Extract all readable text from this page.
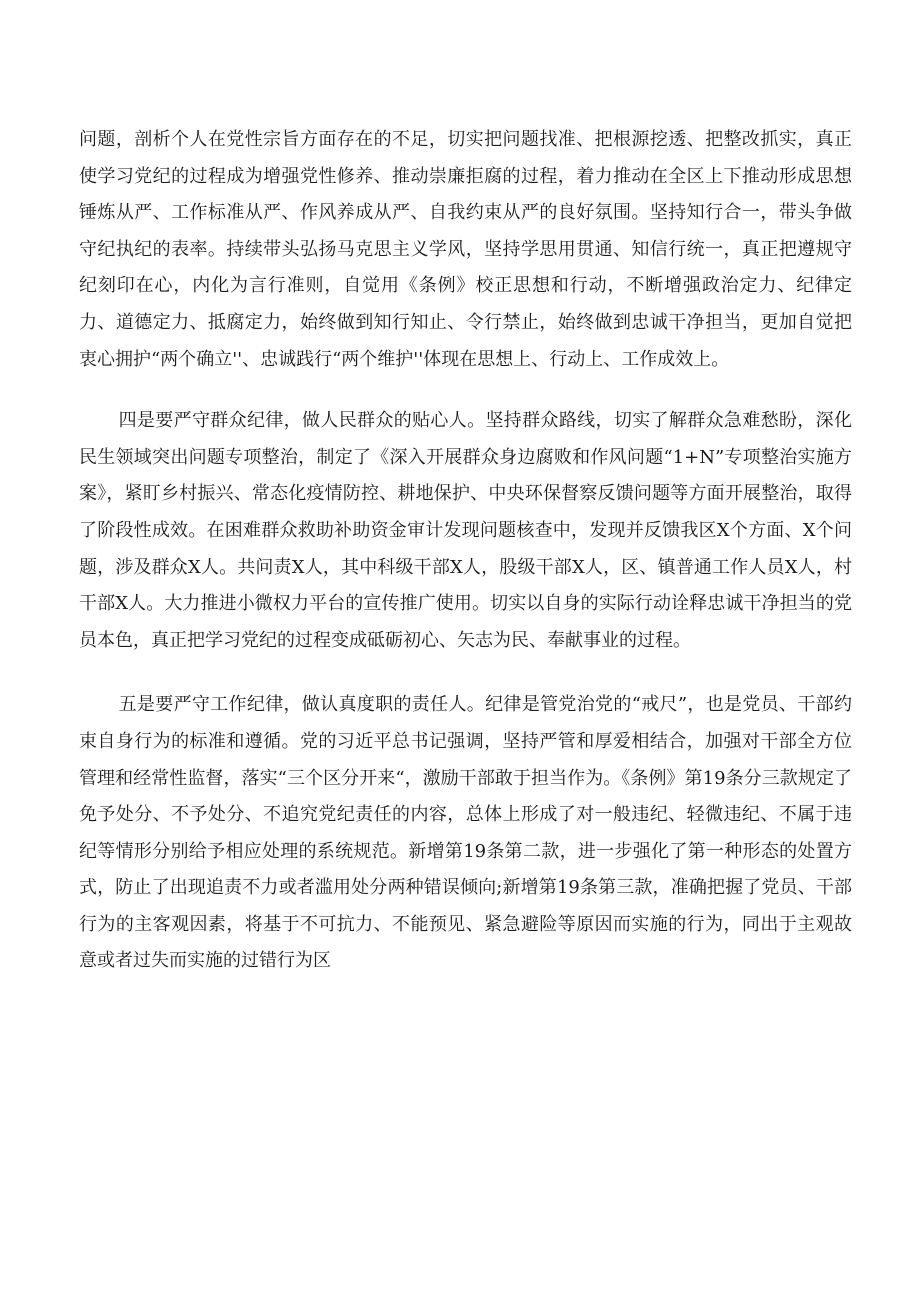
问题，剖析个人在党性宗旨方面存在的不足，切实把问题找准、把根源挖透、把整改抓实，真正使学习党纪的过程成为增强党性修养、推动崇廉拒腐的过程，着力推动在全区上下推动形成思想锤炼从严、工作标准从严、作风养成从严、自我约束从严的良好氛围。坚持知行合一，带头争做守纪执纪的表率。持续带头弘扬马克思主义学风，坚持学思用贯通、知信行统一，真正把遵规守纪刻印在心，内化为言行准则，自觉用《条例》校正思想和行动，不断增强政治定力、纪律定力、道德定力、抵腐定力，始终做到知行知止、令行禁止，始终做到忠诚干净担当，更加自觉把衷心拥护“两个确立''、忠诚践行“两个维护''体现在思想上、行动上、工作成效上。

四是要严守群众纪律，做人民群众的贴心人。坚持群众路线，切实了解群众急难愁盼，深化民生领域突出问题专项整治，制定了《深入开展群众身边腐败和作风问题“1+N”专项整治实施方案》，紧盯乡村振兴、常态化疫情防控、耕地保护、中央环保督察反馈问题等方面开展整治，取得了阶段性成效。在困难群众救助补助资金审计发现问题核查中，发现并反馈我区X个方面、X个问题，涉及群众X人。共问责X人，其中科级干部X人，股级干部X人，区、镇普通工作人员X人，村干部X人。大力推进小微权力平台的宣传推广使用。切实以自身的实际行动诠释忠诚干净担当的党员本色，真正把学习党纪的过程变成砥砺初心、矢志为民、奉献事业的过程。

五是要严守工作纪律，做认真度职的责任人。纪律是管党治党的“戒尺”，也是党员、干部约束自身行为的标准和遵循。党的习近平总书记强调，坚持严管和厚爱相结合，加强对干部全方位管理和经常性监督，落实“三个区分开来“，激励干部敢于担当作为。《条例》第19条分三款规定了免予处分、不予处分、不追究党纪责任的内容，总体上形成了对一般违纪、轻微违纪、不属于违纪等情形分别给予相应处理的系统规范。新增第19条第二款，进一步强化了第一种形态的处置方式，防止了出现追责不力或者滥用处分两种错误倾向;新增第19条第三款，准确把握了党员、干部行为的主客观因素，将基于不可抗力、不能预见、紧急避险等原因而实施的行为，同出于主观故意或者过失而实施的过错行为区
